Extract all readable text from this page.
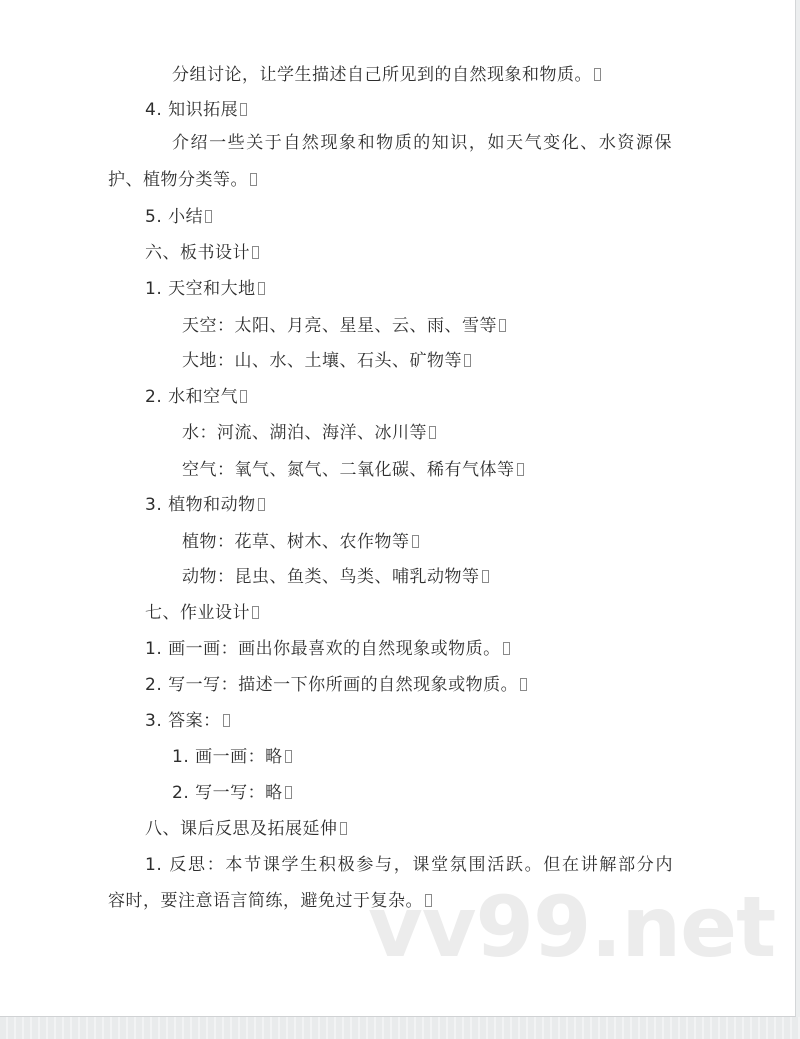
分组讨论，让学生描述自己所见到的自然现象和物质。
4. 知识拓展
介绍一些关于自然现象和物质的知识，如天气变化、水资源保
护、植物分类等。
5. 小结
六、板书设计
1. 天空和大地
天空：太阳、月亮、星星、云、雨、雪等
大地：山、水、土壤、石头、矿物等
2. 水和空气
水：河流、湖泊、海洋、冰川等
空气：氧气、氮气、二氧化碳、稀有气体等
3. 植物和动物
植物：花草、树木、农作物等
动物：昆虫、鱼类、鸟类、哺乳动物等
七、作业设计
1. 画一画：画出你最喜欢的自然现象或物质。
2. 写一写：描述一下你所画的自然现象或物质。
3. 答案：
1. 画一画：略
2. 写一写：略
八、课后反思及拓展延伸
1. 反思：本节课学生积极参与，课堂氛围活跃。但在讲解部分内
容时，要注意语言简练，避免过于复杂。
vv99.net
